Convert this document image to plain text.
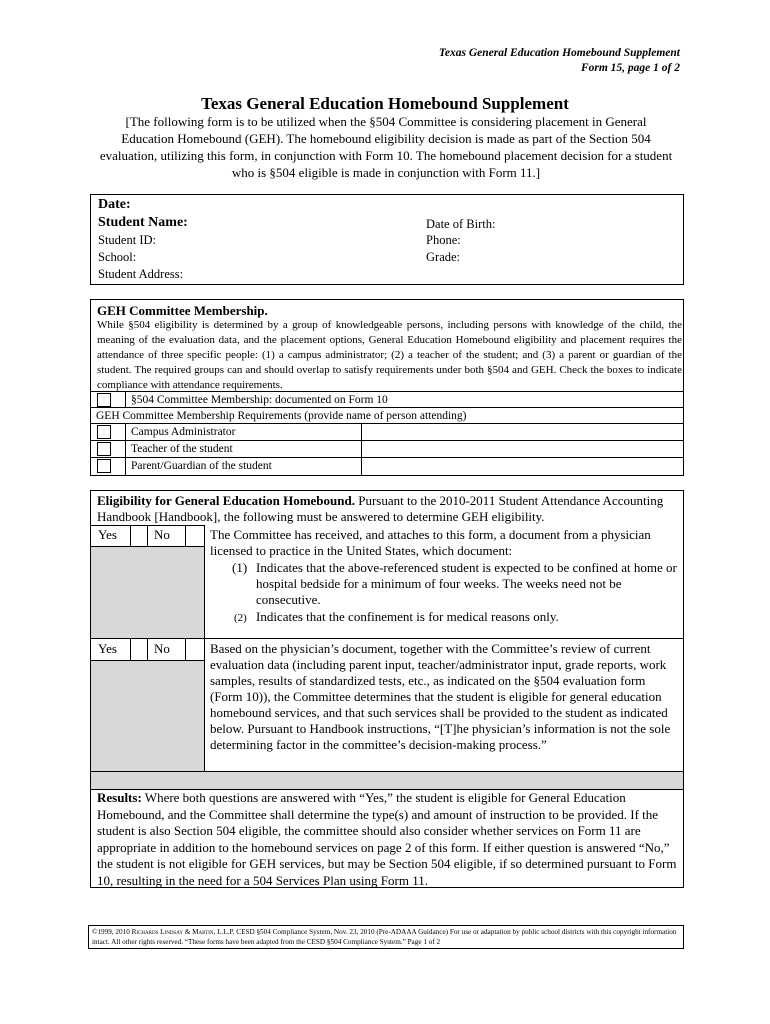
Texas General Education Homebound Supplement
Form 15, page 1 of 2
Texas General Education Homebound Supplement
[The following form is to be utilized when the §504 Committee is considering placement in General Education Homebound (GEH). The homebound eligibility decision is made as part of the Section 504 evaluation, utilizing this form, in conjunction with Form 10. The homebound placement decision for a student who is §504 eligible is made in conjunction with Form 11.]
Date:
Student Name:	Date of Birth:
Student ID:	Phone:
School:	Grade:
Student Address:
GEH Committee Membership.
While §504 eligibility is determined by a group of knowledgeable persons, including persons with knowledge of the child, the meaning of the evaluation data, and the placement options, General Education Homebound eligibility and placement requires the attendance of three specific people: (1) a campus administrator; (2) a teacher of the student; and (3) a parent or guardian of the student. The required groups can and should overlap to satisfy requirements under both §504 and GEH. Check the boxes to indicate compliance with attendance requirements.
§504 Committee Membership: documented on Form 10
GEH Committee Membership Requirements (provide name of person attending)
Campus Administrator
Teacher of the student
Parent/Guardian of the student
Eligibility for General Education Homebound. Pursuant to the 2010-2011 Student Attendance Accounting Handbook [Handbook], the following must be answered to determine GEH eligibility.
Yes	No	The Committee has received, and attaches to this form, a document from a physician licensed to practice in the United States, which document:
(1) Indicates that the above-referenced student is expected to be confined at home or hospital bedside for a minimum of four weeks. The weeks need not be consecutive.
(2) Indicates that the confinement is for medical reasons only.
Yes	No	Based on the physician’s document, together with the Committee’s review of current evaluation data (including parent input, teacher/administrator input, grade reports, work samples, results of standardized tests, etc., as indicated on the §504 evaluation form (Form 10)), the Committee determines that the student is eligible for general education homebound services, and that such services shall be provided to the student as indicated below. Pursuant to Handbook instructions, “[T]he physician’s information is not the sole determining factor in the committee’s decision-making process.”
Results: Where both questions are answered with “Yes,” the student is eligible for General Education Homebound, and the Committee shall determine the type(s) and amount of instruction to be provided. If the student is also Section 504 eligible, the committee should also consider whether services on Form 11 are appropriate in addition to the homebound services on page 2 of this form. If either question is answered “No,” the student is not eligible for GEH services, but may be Section 504 eligible, if so determined pursuant to Form 10, resulting in the need for a 504 Services Plan using Form 11.
©1999, 2010 Richards Lindsay & Martin, L.L.P. CESD §504 Compliance System, Nov. 23, 2010 (Pre-ADAAA Guidance) For use or adaptation by public school districts with this copyright information intact. All other rights reserved. “These forms have been adapted from the CESD §504 Compliance System.” Page 1 of 2
